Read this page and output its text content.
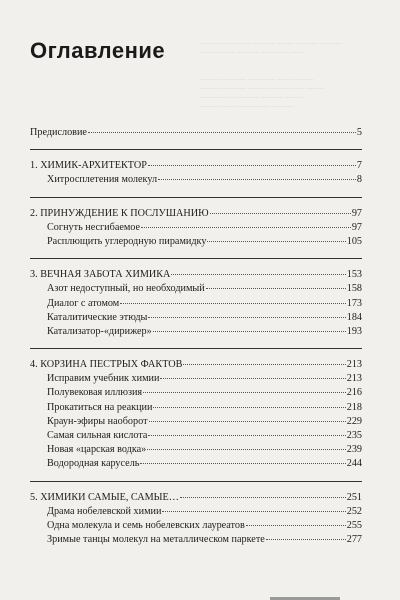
─── ──────── ───── ──── ───── ─────
──────── ───── ────── ───

──── ────── ────── ─── ─────
──── ────── ──── ───── ─── ────
─────── ────── ───── ────
──── ─── ──────── ─────
Оглавление
Предисловие	5
1. ХИМИК-АРХИТЕКТОР	7
Хитросплетения молекул	8
2. ПРИНУЖДЕНИЕ К ПОСЛУШАНИЮ	97
Согнуть несгибаемое	97
Расплющить углеродную пирамидку	105
3. ВЕЧНАЯ ЗАБОТА ХИМИКА	153
Азот недоступный, но необходимый	158
Диалог с атомом	173
Каталитические этюды	184
Катализатор-«дирижер»	193
4. КОРЗИНА ПЕСТРЫХ ФАКТОВ	213
Исправим учебник химии	213
Полувековая иллюзия	216
Прокатиться на реакции	218
Краун-эфиры наоборот	229
Самая сильная кислота	235
Новая «царская водка»	239
Водородная карусель	244
5. ХИМИКИ САМЫЕ, САМЫЕ…	251
Драма нобелевской химии	252
Одна молекула и семь нобелевских лауреатов	255
Зримые танцы молекул на металлическом паркете	277
